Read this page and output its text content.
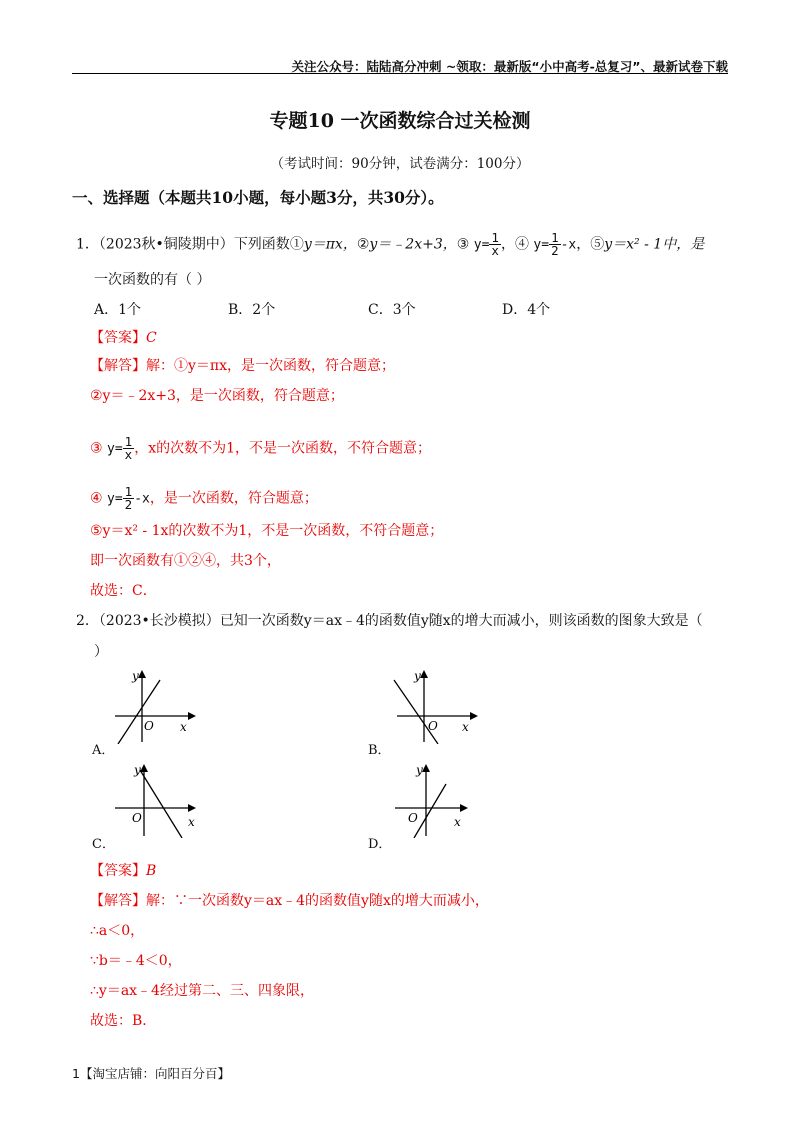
关注公众号：陆陆高分冲刺 ~领取：最新版“小中高考-总复习”、最新试卷下载
专题10 一次函数综合过关检测
（考试时间：90分钟，试卷满分：100分）
一、选择题（本题共10小题，每小题3分，共30分）。
1．（2023秋•铜陵期中）下列函数①y＝πx，②y＝﹣2x+3，③ $y= \frac{1}{x}$ ，④ $y= \frac{1}{2} -x$，⑤y＝x² - 1中，是
一次函数的有（ ）
A．1个	B．2个	C．3个	D．4个
【答案】C
【解答】解：①y＝πx，是一次函数，符合题意；
②y＝﹣2x+3，是一次函数，符合题意；
③ $y= \frac{1}{x}$ ，x的次数不为1，不是一次函数，不符合题意；
④ $y= \frac{1}{2} -x$，是一次函数，符合题意；
⑤y＝x² - 1x的次数不为1，不是一次函数，不符合题意；
即一次函数有①②④，共3个，
故选：C．
2．（2023•长沙模拟）已知一次函数y＝ax﹣4的函数值y随x的增大而减小，则该函数的图象大致是（
）
O x
y
A．
O x
y
B．
O	x
y
C．
O	x
y
D．
【答案】B
【解答】解：∵一次函数y＝ax﹣4的函数值y随x的增大而减小，
∴a＜0，
∵b＝﹣4＜0，
∴y＝ax﹣4经过第二、三、四象限，
故选：B．
1【淘宝店铺：向阳百分百】
